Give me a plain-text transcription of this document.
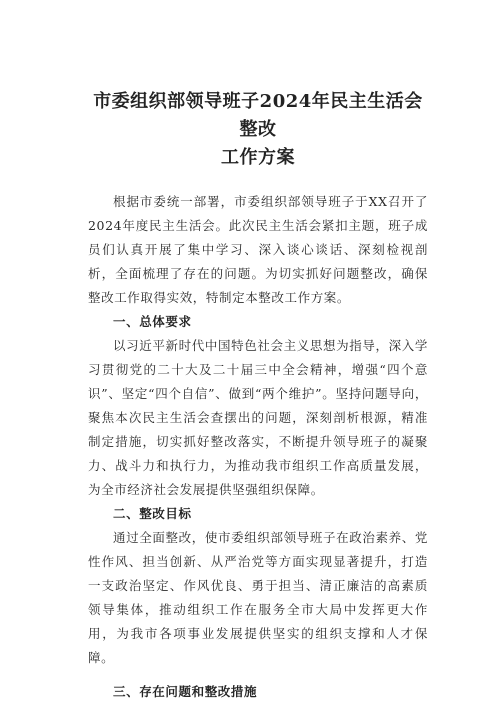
市委组织部领导班子2024年民主生活会整改
工作方案

根据市委统一部署，市委组织部领导班子于XX召开了2024年度民主生活会。此次民主生活会紧扣主题，班子成员们认真开展了集中学习、深入谈心谈话、深刻检视剖析，全面梳理了存在的问题。为切实抓好问题整改，确保整改工作取得实效，特制定本整改工作方案。

一、总体要求

以习近平新时代中国特色社会主义思想为指导，深入学习贯彻党的二十大及二十届三中全会精神，增强“四个意识”、坚定“四个自信”、做到“两个维护”。坚持问题导向，聚焦本次民主生活会查摆出的问题，深刻剖析根源，精准制定措施，切实抓好整改落实，不断提升领导班子的凝聚力、战斗力和执行力，为推动我市组织工作高质量发展，为全市经济社会发展提供坚强组织保障。

二、整改目标

通过全面整改，使市委组织部领导班子在政治素养、党性作风、担当创新、从严治党等方面实现显著提升，打造一支政治坚定、作风优良、勇于担当、清正廉洁的高素质领导集体，推动组织工作在服务全市大局中发挥更大作用，为我市各项事业发展提供坚实的组织支撑和人才保障。

三、存在问题和整改措施
